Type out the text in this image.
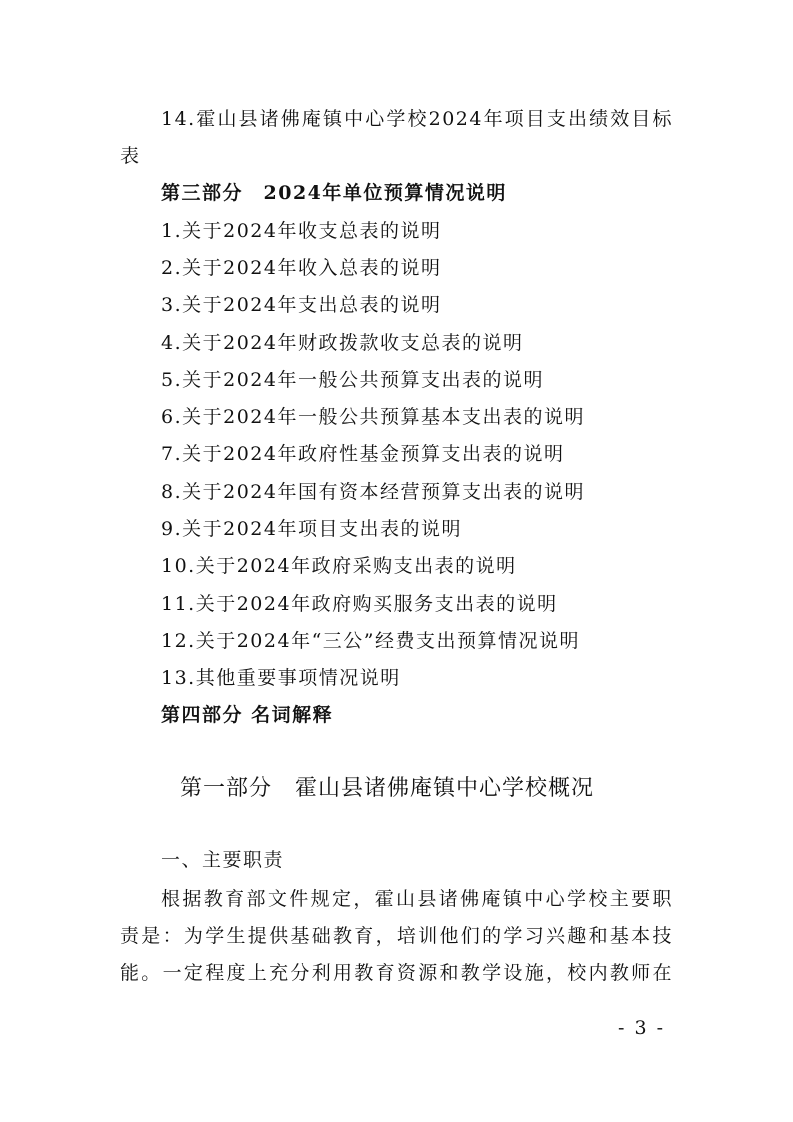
14.霍山县诸佛庵镇中心学校2024年项目支出绩效目标
表
第三部分　2024年单位预算情况说明
1.关于2024年收支总表的说明
2.关于2024年收入总表的说明
3.关于2024年支出总表的说明
4.关于2024年财政拨款收支总表的说明
5.关于2024年一般公共预算支出表的说明
6.关于2024年一般公共预算基本支出表的说明
7.关于2024年政府性基金预算支出表的说明
8.关于2024年国有资本经营预算支出表的说明
9.关于2024年项目支出表的说明
10.关于2024年政府采购支出表的说明
11.关于2024年政府购买服务支出表的说明
12.关于2024年“三公”经费支出预算情况说明
13.其他重要事项情况说明
第四部分 名词解释
第一部分　霍山县诸佛庵镇中心学校概况
一、主要职责
根据教育部文件规定，霍山县诸佛庵镇中心学校主要职
责是：为学生提供基础教育，培训他们的学习兴趣和基本技
能。一定程度上充分利用教育资源和教学设施，校内教师在
- 3 -
